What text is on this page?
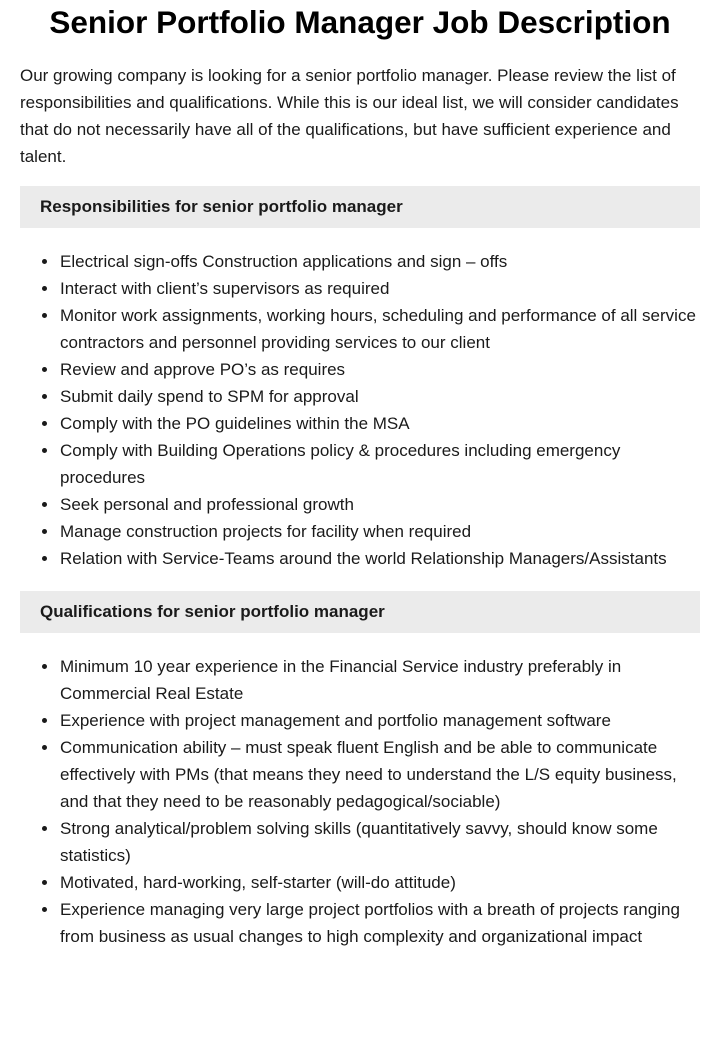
Senior Portfolio Manager Job Description

Our growing company is looking for a senior portfolio manager. Please review the list of responsibilities and qualifications. While this is our ideal list, we will consider candidates that do not necessarily have all of the qualifications, but have sufficient experience and talent.

Responsibilities for senior portfolio manager
Electrical sign-offs Construction applications and sign – offs
Interact with client’s supervisors as required
Monitor work assignments, working hours, scheduling and performance of all service contractors and personnel providing services to our client
Review and approve PO’s as requires
Submit daily spend to SPM for approval
Comply with the PO guidelines within the MSA
Comply with Building Operations policy & procedures including emergency procedures
Seek personal and professional growth
Manage construction projects for facility when required
Relation with Service-Teams around the world Relationship Managers/Assistants
Qualifications for senior portfolio manager
Minimum 10 year experience in the Financial Service industry preferably in Commercial Real Estate
Experience with project management and portfolio management software
Communication ability – must speak fluent English and be able to communicate effectively with PMs (that means they need to understand the L/S equity business, and that they need to be reasonably pedagogical/sociable)
Strong analytical/problem solving skills (quantitatively savvy, should know some statistics)
Motivated, hard-working, self-starter (will-do attitude)
Experience managing very large project portfolios with a breath of projects ranging from business as usual changes to high complexity and organizational impact
